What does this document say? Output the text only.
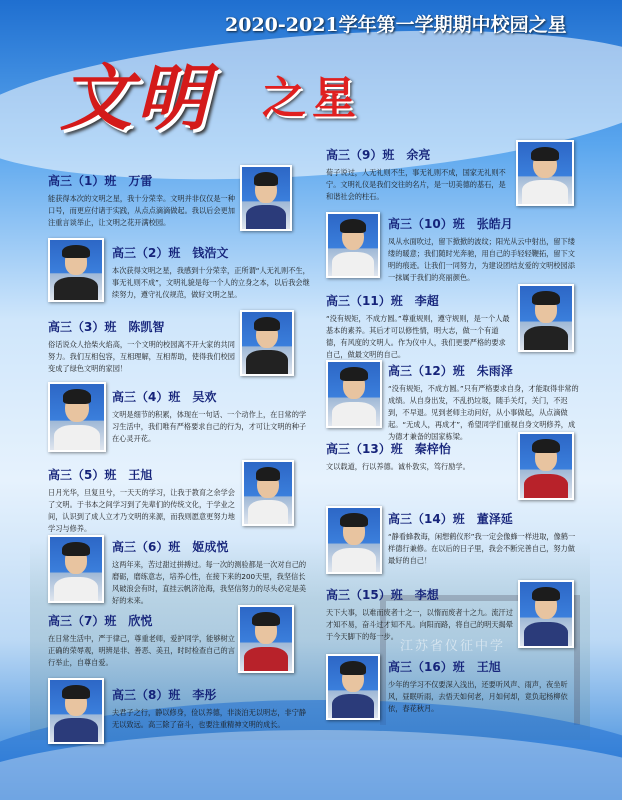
江苏省仪征中学
2020-2021学年第一学期期中校园之星
文明 之星
高三（1）班 万雷
能获得本次的文明之星，我十分荣幸。文明并非仅仅是一种口号，而更应付诸于实践，从点点滴滴做起。我以后会更加注重言谈举止，让文明之花开满校园。
高三（2）班 钱浩文
本次获得文明之星，我感到十分荣幸，正所谓“人无礼则不生，事无礼则不成”，文明礼貌是每一个人的立身之本，以后我会继续努力，遵守礼仪规范，做好文明之星。
高三（3）班 陈凯智
俗话说众人拾柴火焰高，一个文明的校园离不开大家的共同努力。我们互相包容，互相理解，互相帮助，使得我们校园变成了绿色文明的家园！
高三（4）班 吴欢
文明是细节的积累，体现在一句话、一个动作上，在日常的学习生活中，我们唯有严格要求自己的行为，才可让文明的种子在心灵开花。
高三（5）班 王旭
日月光华，旦复旦兮，一天天的学习，让我于教育之余学会了文明。于书本之间学习到了先辈们的传统文化，于学业之间，认识到了成人立才乃文明的来源，而我则愿意更努力地学习与修养。
高三（6）班 姬成悦
这两年来，苦过甜过拼搏过。每一次的测验都是一次对自己的磨砺，磨练意志，培养心性，在接下来的200天里，我坚信长风破浪会有时，直挂云帆济沧海，我坚信努力的尽头必定是美好的未来。
高三（7）班 欣悦
在日常生活中，严于律己，尊重老师，爱护同学，能够树立正确的荣辱观，明辨是非、善恶、美丑，时时检查自己的言行举止，自尊自爱。
高三（8）班 李彤
夫君子之行，静以修身，俭以养德，非淡泊无以明志，非宁静无以致远。高三除了奋斗，也要注重精神文明的成长。
高三（9）班 余亮
荀子说过，人无礼则不生，事无礼则不成，国家无礼则不宁。文明礼仪是我们交往的名片，是一切美德的基石，是和谐社会的柱石。
高三（10）班 张皓月
凤从水面吹过，留下掀掀的波纹；阳光从云中射出，留下缕缕的暖意；我们随时光奔驰，用自己的手轻轻鞭拓，留下文明的痕迹。让我们一同努力，为建设团结友爱的文明校园添一抹属于我们的亮丽颜色。
高三（11）班 李超
“没有规矩，不成方圆。”尊重规则，遵守规则，是一个人最基本的素养。其后才可以修性情，明大志，做一个有道德，有风度的文明人。作为仪中人，我们更要严格的要求自己，做最文明的自己。
高三（12）班 朱雨泽
“没有规矩，不成方圆。”只有严格要求自身，才能取得非常的成绩。从自身出发，不乱扔垃圾，随手关灯，关门，不迟到，不早退。见到老师主动问好，从小事做起，从点滴做起。“无成人，再成才”，希望同学们重视自身文明修养，成为德才兼备的国家栋梁。
高三（13）班 秦梓怡
文以载道，行以养德。诚朴敦实，笃行励学。
高三（14）班 董泽延
“静看蜂教诲，闲想鹤仪形”我一定会像蜂一样进取，像鹤一样德行兼修。在以后的日子里，我会不断完善自己，努力做最好的自己！
高三（15）班 李想
天下大事，以难而废者十之一，以惰而废者十之九。流汗过才知不易，奋斗过才知不凡。向阳而路，将自己的明天揭晕于今天脚下的每一步。
高三（16）班 王旭
少年的学习不仅要深入浅出，还要听风声、雨声，夜坐听风，昼眠听雨，去悟天如何老，月如何却，竟负起杨柳依依，春花秋月。
